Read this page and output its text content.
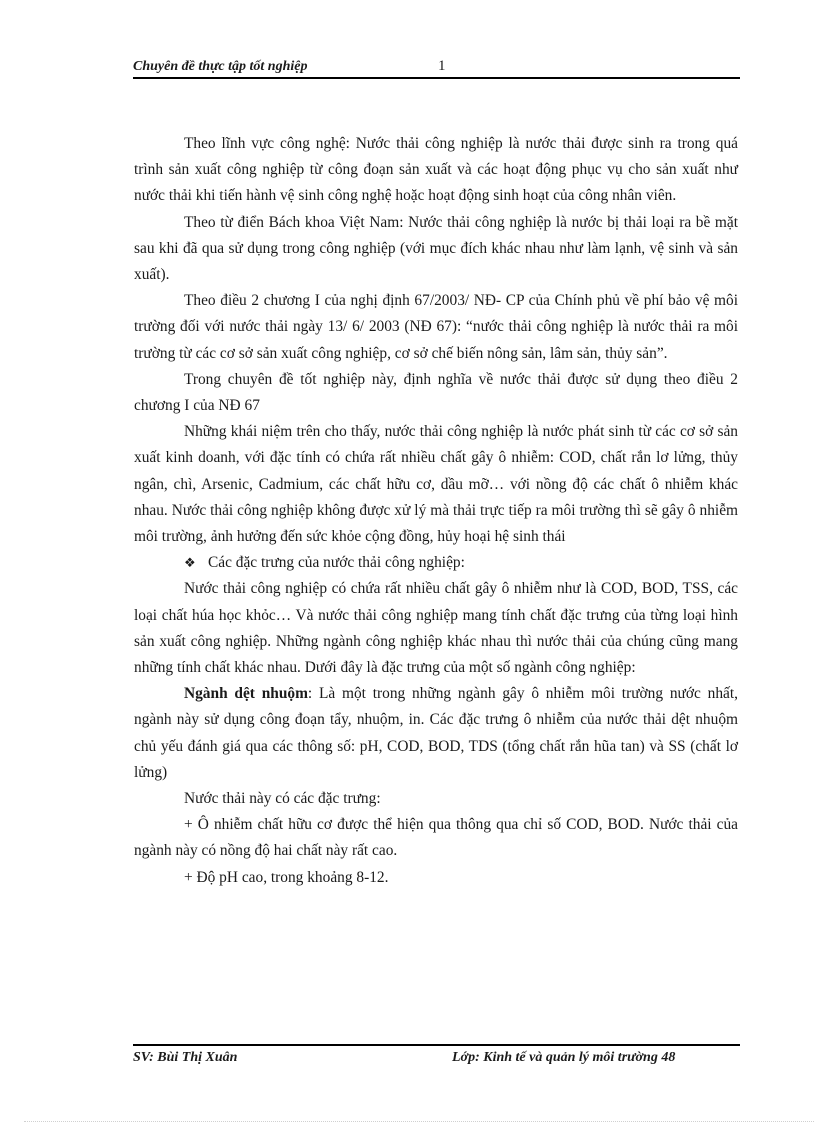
Chuyên đề thực tập tốt nghiệp	1

Theo lĩnh vực công nghệ: Nước thải công nghiệp là nước thải được sinh ra trong quá trình sản xuất công nghiệp từ công đoạn sản xuất và các hoạt động phục vụ cho sản xuất như nước thải khi tiến hành vệ sinh công nghệ hoặc hoạt động sinh hoạt của công nhân viên.

Theo từ điển Bách khoa Việt Nam: Nước thải công nghiệp là nước bị thải loại ra bề mặt sau khi đã qua sử dụng trong công nghiệp (với mục đích khác nhau như làm lạnh, vệ sinh và sản xuất).

Theo điều 2 chương I của nghị định 67/2003/ NĐ- CP của Chính phủ về phí bảo vệ môi trường đối với nước thải ngày 13/ 6/ 2003 (NĐ 67): “nước thải công nghiệp là nước thải ra môi trường từ các cơ sở sản xuất công nghiệp, cơ sở chế biến nông sản, lâm sản, thủy sản”.

Trong chuyên đề tốt nghiệp này, định nghĩa về nước thải được sử dụng theo điều 2 chương I của NĐ 67

Những khái niệm trên cho thấy, nước thải công nghiệp là nước phát sinh từ các cơ sở sản xuất kinh doanh, với đặc tính có chứa rất nhiều chất gây ô nhiễm: COD, chất rắn lơ lửng, thủy ngân, chì, Arsenic, Cadmium, các chất hữu cơ, dầu mỡ… với nồng độ các chất ô nhiễm khác nhau. Nước thải công nghiệp không được xử lý mà thải trực tiếp ra môi trường thì sẽ gây ô nhiễm môi trường, ảnh hưởng đến sức khỏe cộng đồng, hủy hoại hệ sinh thái

❖ Các đặc trưng của nước thải công nghiệp:

Nước thải công nghiệp có chứa rất nhiều chất gây ô nhiễm như là COD, BOD, TSS, các loại chất húa học khỏc… Và nước thải công nghiệp mang tính chất đặc trưng của từng loại hình sản xuất công nghiệp. Những ngành công nghiệp khác nhau thì nước thải của chúng cũng mang những tính chất khác nhau. Dưới đây là đặc trưng của một số ngành công nghiệp:

Ngành dệt nhuộm: Là một trong những ngành gây ô nhiễm môi trường nước nhất, ngành này sử dụng công đoạn tẩy, nhuộm, in. Các đặc trưng ô nhiễm của nước thải dệt nhuộm chủ yếu đánh giá qua các thông số: pH, COD, BOD, TDS (tổng chất rắn hũa tan) và SS (chất lơ lửng)

Nước thải này có các đặc trưng:

+ Ô nhiễm chất hữu cơ được thể hiện qua thông qua chỉ số COD, BOD. Nước thải của ngành này có nồng độ hai chất này rất cao.

+ Độ pH cao, trong khoảng 8-12.

SV: Bùi Thị Xuân	Lớp: Kinh tế và quản lý môi trường 48
